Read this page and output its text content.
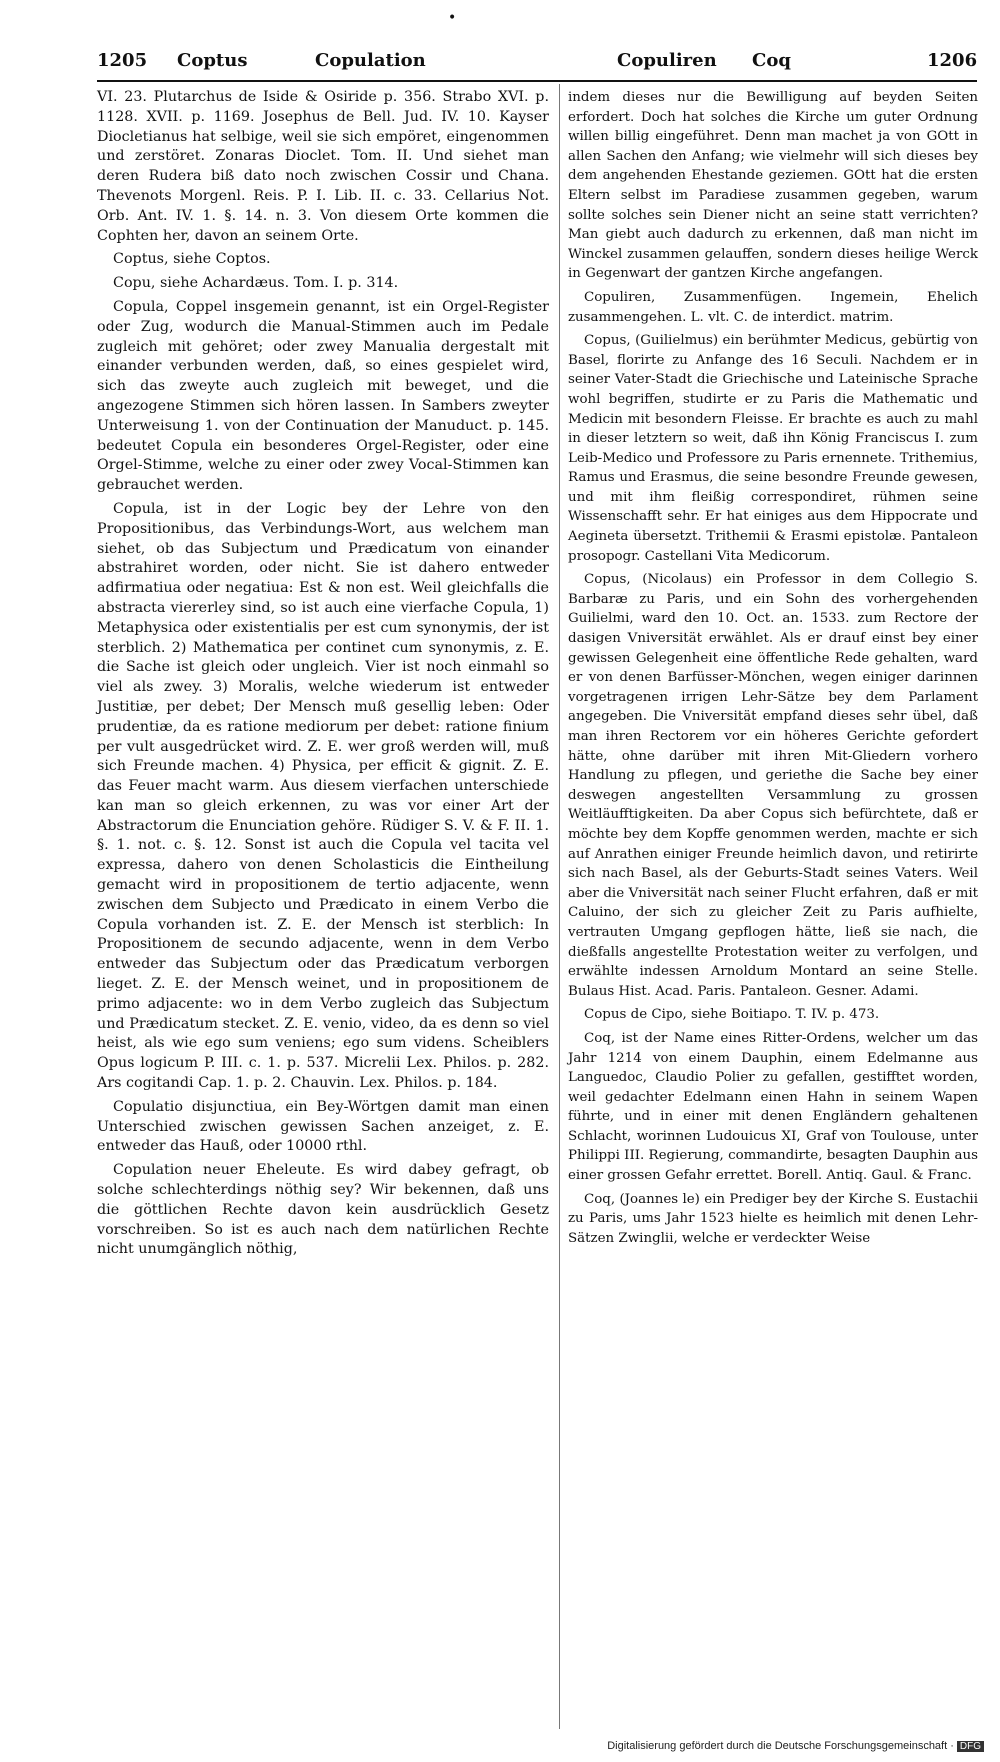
•
1205 Coptus	Copulation	Copuliren Coq	1206

VI. 23. Plutarchus de Iside & Osiride p. 356. Strabo XVI. p. 1128. XVII. p. 1169. Josephus de Bell. Jud. IV. 10. Kayser Diocletianus hat selbige, weil sie sich empöret, eingenommen und zerstöret. Zonaras Dioclet. Tom. II. Und siehet man deren Rudera biß dato noch zwischen Cossir und Chana. Thevenots Morgenl. Reis. P. I. Lib. II. c. 33. Cellarius Not. Orb. Ant. IV. 1. §. 14. n. 3. Von diesem Orte kommen die Cophten her, davon an seinem Orte.

Coptus, siehe Coptos.

Copu, siehe Achardæus. Tom. I. p. 314.

Copula, Coppel insgemein genannt, ist ein Orgel-Register oder Zug, wodurch die Manual-Stimmen auch im Pedale zugleich mit gehöret; oder zwey Manualia dergestalt mit einander verbunden werden, daß, so eines gespielet wird, sich das zweyte auch zugleich mit beweget, und die angezogene Stimmen sich hören lassen. In Sambers zweyter Unterweisung 1. von der Continuation der Manuduct. p. 145. bedeutet Copula ein besonderes Orgel-Register, oder eine Orgel-Stimme, welche zu einer oder zwey Vocal-Stimmen kan gebrauchet werden.

Copula, ist in der Logic bey der Lehre von den Propositionibus, das Verbindungs-Wort, aus welchem man siehet, ob das Subjectum und Prædicatum von einander abstrahiret worden, oder nicht. Sie ist dahero entweder adfirmatiua oder negatiua: Est & non est. Weil gleichfalls die abstracta viererley sind, so ist auch eine vierfache Copula, 1) Metaphysica oder existentialis per est cum synonymis, der ist sterblich. 2) Mathematica per continet cum synonymis, z. E. die Sache ist gleich oder ungleich. Vier ist noch einmahl so viel als zwey. 3) Moralis, welche wiederum ist entweder Justitiæ, per debet; Der Mensch muß gesellig leben: Oder prudentiæ, da es ratione mediorum per debet: ratione finium per vult ausgedrücket wird. Z. E. wer groß werden will, muß sich Freunde machen. 4) Physica, per efficit & gignit. Z. E. das Feuer macht warm. Aus diesem vierfachen unterschiede kan man so gleich erkennen, zu was vor einer Art der Abstractorum die Enunciation gehöre. Rüdiger S. V. & F. II. 1. §. 1. not. c. §. 12. Sonst ist auch die Copula vel tacita vel expressa, dahero von denen Scholasticis die Eintheilung gemacht wird in propositionem de tertio adjacente, wenn zwischen dem Subjecto und Prædicato in einem Verbo die Copula vorhanden ist. Z. E. der Mensch ist sterblich: In Propositionem de secundo adjacente, wenn in dem Verbo entweder das Subjectum oder das Prædicatum verborgen lieget. Z. E. der Mensch weinet, und in propositionem de primo adjacente: wo in dem Verbo zugleich das Subjectum und Prædicatum stecket. Z. E. venio, video, da es denn so viel heist, als wie ego sum veniens; ego sum videns. Scheiblers Opus logicum P. III. c. 1. p. 537. Micrelii Lex. Philos. p. 282. Ars cogitandi Cap. 1. p. 2. Chauvin. Lex. Philos. p. 184.

Copulatio disjunctiua, ein Bey-Wörtgen damit man einen Unterschied zwischen gewissen Sachen anzeiget, z. E. entweder das Hauß, oder 10000 rthl.

Copulation neuer Eheleute. Es wird dabey gefragt, ob solche schlechterdings nöthig sey? Wir bekennen, daß uns die göttlichen Rechte davon kein ausdrücklich Gesetz vorschreiben. So ist es auch nach dem natürlichen Rechte nicht unumgänglich nöthig,

indem dieses nur die Bewilligung auf beyden Seiten erfordert. Doch hat solches die Kirche um guter Ordnung willen billig eingeführet. Denn man machet ja von GOtt in allen Sachen den Anfang; wie vielmehr will sich dieses bey dem angehenden Ehestande geziemen. GOtt hat die ersten Eltern selbst im Paradiese zusammen gegeben, warum sollte solches sein Diener nicht an seine statt verrichten? Man giebt auch dadurch zu erkennen, daß man nicht im Winckel zusammen gelauffen, sondern dieses heilige Werck in Gegenwart der gantzen Kirche angefangen.

Copuliren, Zusammenfügen. Ingemein, Ehelich zusammengehen. L. vlt. C. de interdict. matrim.

Copus, (Guilielmus) ein berühmter Medicus, gebürtig von Basel, florirte zu Anfange des 16 Seculi. Nachdem er in seiner Vater-Stadt die Griechische und Lateinische Sprache wohl begriffen, studirte er zu Paris die Mathematic und Medicin mit besondern Fleisse. Er brachte es auch zu mahl in dieser letztern so weit, daß ihn König Franciscus I. zum Leib-Medico und Professore zu Paris ernennete. Trithemius, Ramus und Erasmus, die seine besondre Freunde gewesen, und mit ihm fleißig correspondiret, rühmen seine Wissenschafft sehr. Er hat einiges aus dem Hippocrate und Aegineta übersetzt. Trithemii & Erasmi epistolæ. Pantaleon prosopogr. Castellani Vita Medicorum.

Copus, (Nicolaus) ein Professor in dem Collegio S. Barbaræ zu Paris, und ein Sohn des vorhergehenden Guilielmi, ward den 10. Oct. an. 1533. zum Rectore der dasigen Vniversität erwählet. Als er drauf einst bey einer gewissen Gelegenheit eine öffentliche Rede gehalten, ward er von denen Barfüsser-Mönchen, wegen einiger darinnen vorgetragenen irrigen Lehr-Sätze bey dem Parlament angegeben. Die Vniversität empfand dieses sehr übel, daß man ihren Rectorem vor ein höheres Gerichte gefordert hätte, ohne darüber mit ihren Mit-Gliedern vorhero Handlung zu pflegen, und geriethe die Sache bey einer deswegen angestellten Versammlung zu grossen Weitläufftigkeiten. Da aber Copus sich befürchtete, daß er möchte bey dem Kopffe genommen werden, machte er sich auf Anrathen einiger Freunde heimlich davon, und retirirte sich nach Basel, als der Geburts-Stadt seines Vaters. Weil aber die Vniversität nach seiner Flucht erfahren, daß er mit Caluino, der sich zu gleicher Zeit zu Paris aufhielte, vertrauten Umgang gepflogen hätte, ließ sie nach, die dießfalls angestellte Protestation weiter zu verfolgen, und erwählte indessen Arnoldum Montard an seine Stelle. Bulaus Hist. Acad. Paris. Pantaleon. Gesner. Adami.

Copus de Cipo, siehe Boitiapo. T. IV. p. 473.

Coq, ist der Name eines Ritter-Ordens, welcher um das Jahr 1214 von einem Dauphin, einem Edelmanne aus Languedoc, Claudio Polier zu gefallen, gestifftet worden, weil gedachter Edelmann einen Hahn in seinem Wapen führte, und in einer mit denen Engländern gehaltenen Schlacht, worinnen Ludouicus XI, Graf von Toulouse, unter Philippi III. Regierung, commandirte, besagten Dauphin aus einer grossen Gefahr errettet. Borell. Antiq. Gaul. & Franc.

Coq, (Joannes le) ein Prediger bey der Kirche S. Eustachii zu Paris, ums Jahr 1523 hielte es heimlich mit denen Lehr-Sätzen Zwinglii, welche er verdeckter Weise

Digitalisierung gefördert durch die Deutsche Forschungsgemeinschaft · DFG
